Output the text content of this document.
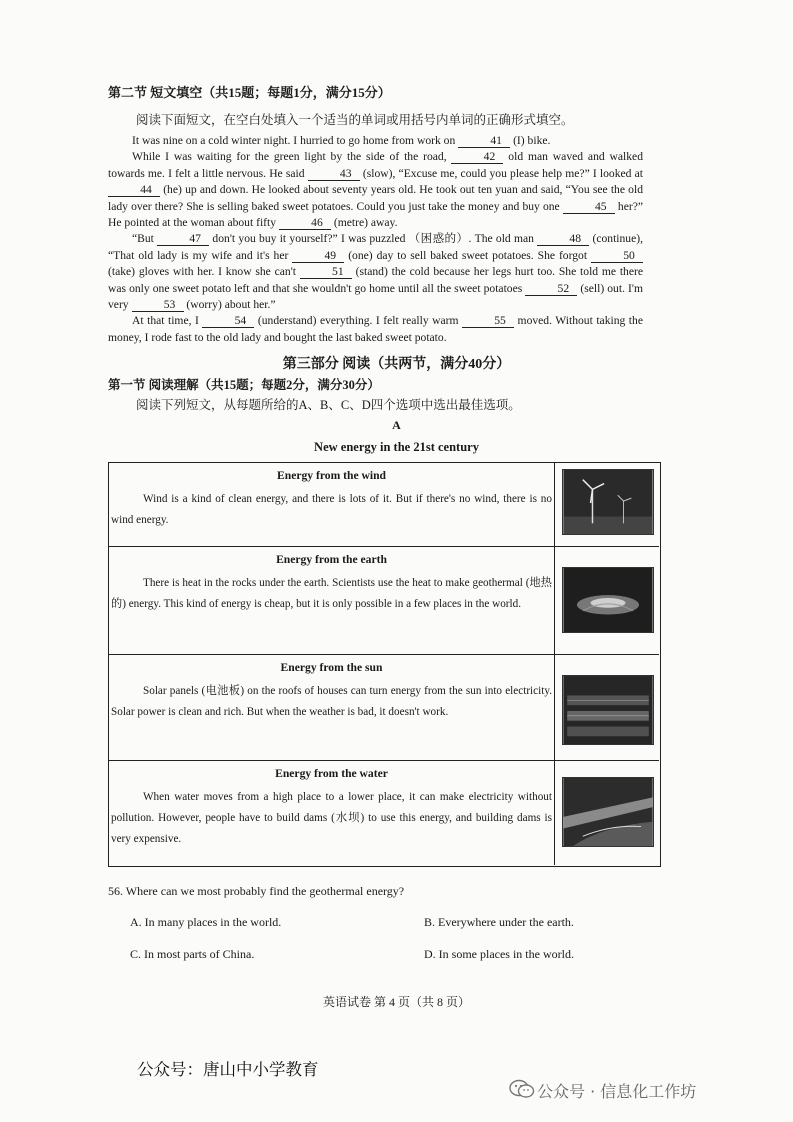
第二节 短文填空（共15题；每题1分，满分15分）
阅读下面短文，在空白处填入一个适当的单词或用括号内单词的正确形式填空。

It was nine on a cold winter night. I hurried to go home from work on	41 (I) bike.

While I was waiting for the green light by the side of the road,	42 old man waved and walked towards me. I felt a little nervous. He said	43 (slow), “Excuse me, could you please help me?” I looked at 44 (he) up and down. He looked about seventy years old. He took out ten yuan and said, “You see the old lady over there? She is selling baked sweet potatoes. Could you just take the money and buy one	45 her?” He pointed at the woman about fifty	46 (metre) away.

“But	47 don't you buy it yourself?” I was puzzled （困惑的）. The old man	48 (continue), “That old lady is my wife and it's her	49 (one) day to sell baked sweet potatoes. She forgot	50 (take) gloves with her. I know she can't	51 (stand) the cold because her legs hurt too. She told me there was only one sweet potato left and that she wouldn't go home until all the sweet potatoes	52 (sell) out. I'm very	53 (worry) about her.”

At that time, I	54 (understand) everything. I felt really warm	55 moved. Without taking the money, I rode fast to the old lady and bought the last baked sweet potato.

第三部分 阅读（共两节，满分40分）
第一节 阅读理解（共15题；每题2分，满分30分）
阅读下列短文，从每题所给的A、B、C、D四个选项中选出最佳选项。
A
New energy in the 21st century
Energy from the wind
Wind is a kind of clean energy, and there is lots of it. But if there's no wind, there is no wind energy.
Energy from the earth
There is heat in the rocks under the earth. Scientists use the heat to make geothermal (地热的) energy. This kind of energy is cheap, but it is only possible in a few places in the world.
Energy from the sun
Solar panels (电池板) on the roofs of houses can turn energy from the sun into electricity. Solar power is clean and rich. But when the weather is bad, it doesn't work.
Energy from the water
When water moves from a high place to a lower place, it can make electricity without pollution. However, people have to build dams (水坝) to use this energy, and building dams is very expensive.
56. Where can we most probably find the geothermal energy?
A. In many places in the world.	B. Everywhere under the earth.
C. In most parts of China.	D. In some places in the world.
英语试卷 第 4 页（共 8 页）
公众号：唐山中小学教育
公众号 · 信息化工作坊
